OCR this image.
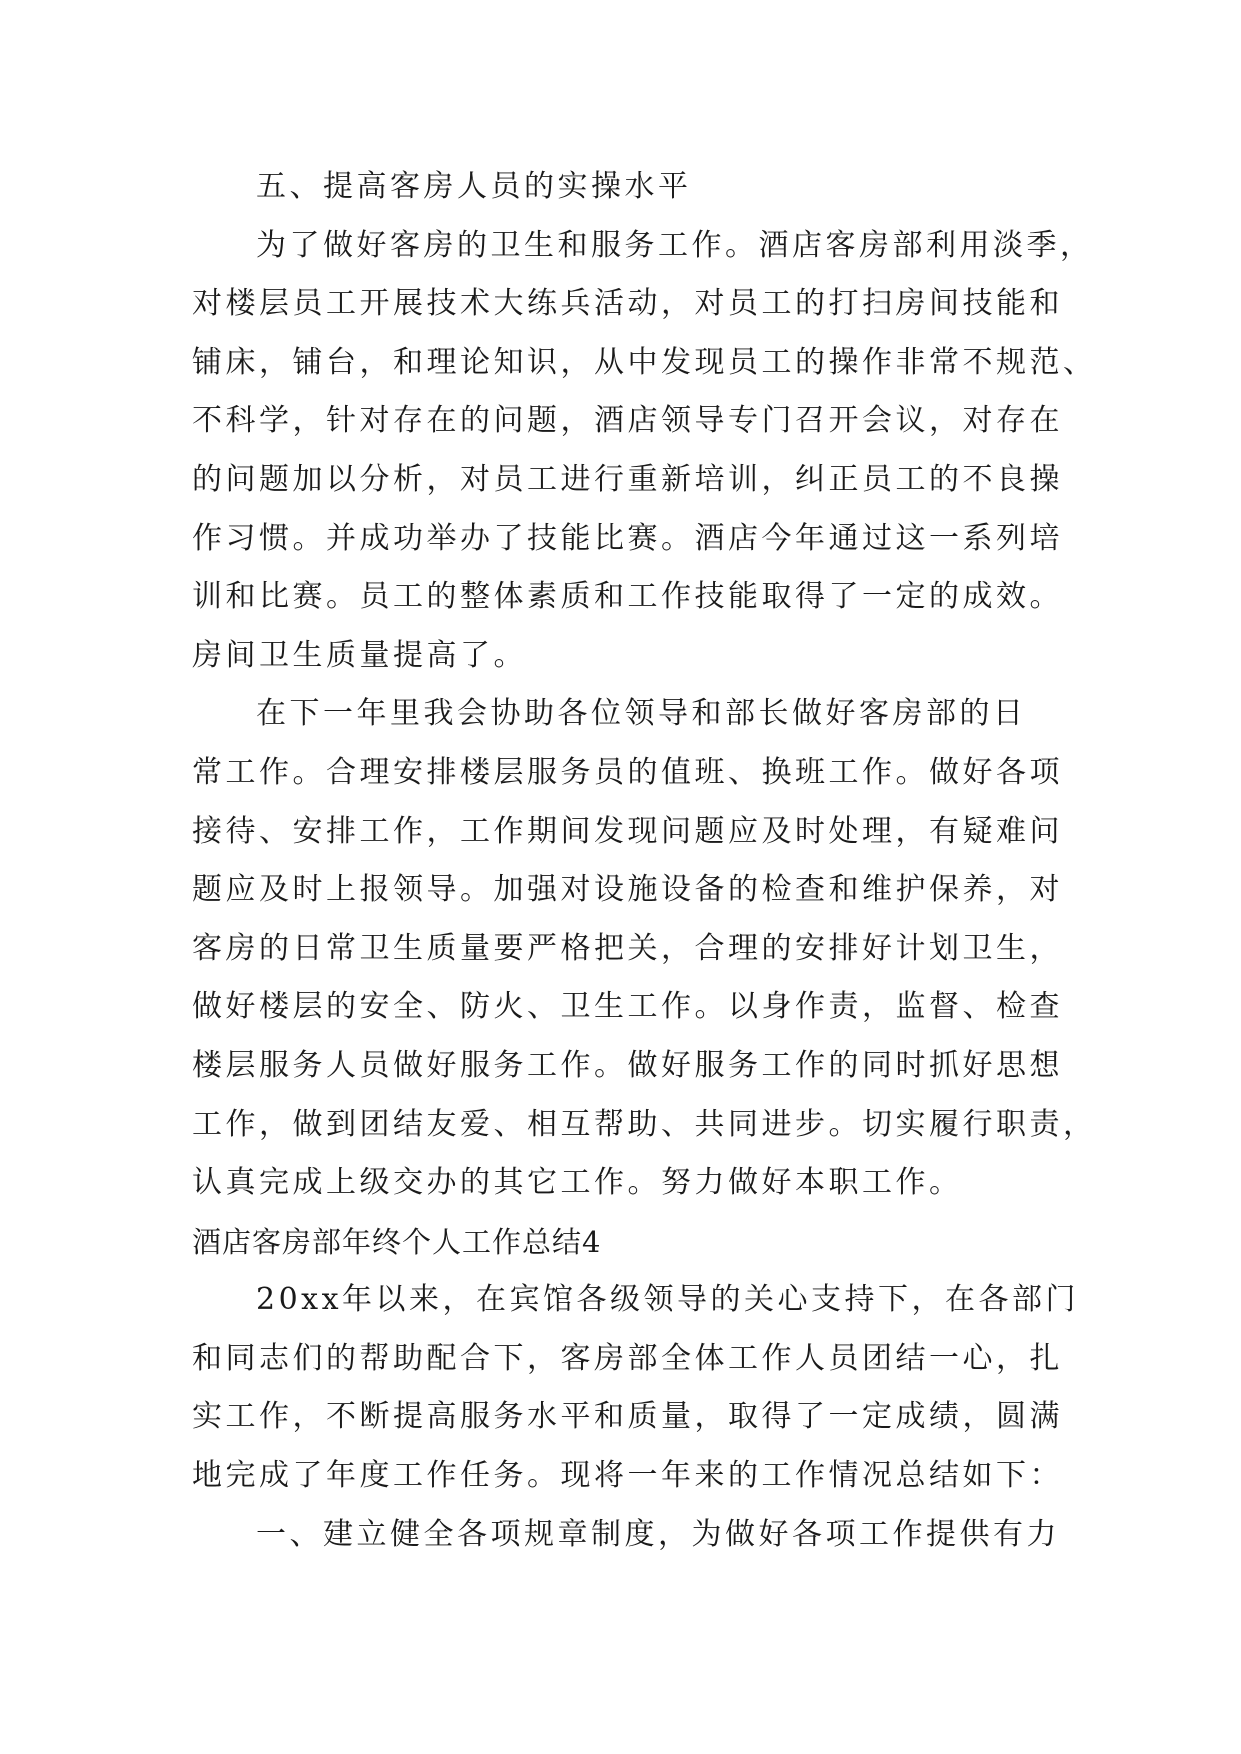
五、提高客房人员的实操水平
为了做好客房的卫生和服务工作。酒店客房部利用淡季，
对楼层员工开展技术大练兵活动，对员工的打扫房间技能和
铺床，铺台，和理论知识，从中发现员工的操作非常不规范、
不科学，针对存在的问题，酒店领导专门召开会议，对存在
的问题加以分析，对员工进行重新培训，纠正员工的不良操
作习惯。并成功举办了技能比赛。酒店今年通过这一系列培
训和比赛。员工的整体素质和工作技能取得了一定的成效。
房间卫生质量提高了。
在下一年里我会协助各位领导和部长做好客房部的日
常工作。合理安排楼层服务员的值班、换班工作。做好各项
接待、安排工作，工作期间发现问题应及时处理，有疑难问
题应及时上报领导。加强对设施设备的检查和维护保养，对
客房的日常卫生质量要严格把关，合理的安排好计划卫生，
做好楼层的安全、防火、卫生工作。以身作责，监督、检查
楼层服务人员做好服务工作。做好服务工作的同时抓好思想
工作，做到团结友爱、相互帮助、共同进步。切实履行职责，
认真完成上级交办的其它工作。努力做好本职工作。
酒店客房部年终个人工作总结4
20xx年以来，在宾馆各级领导的关心支持下，在各部门
和同志们的帮助配合下，客房部全体工作人员团结一心，扎
实工作，不断提高服务水平和质量，取得了一定成绩，圆满
地完成了年度工作任务。现将一年来的工作情况总结如下：
一、建立健全各项规章制度，为做好各项工作提供有力
